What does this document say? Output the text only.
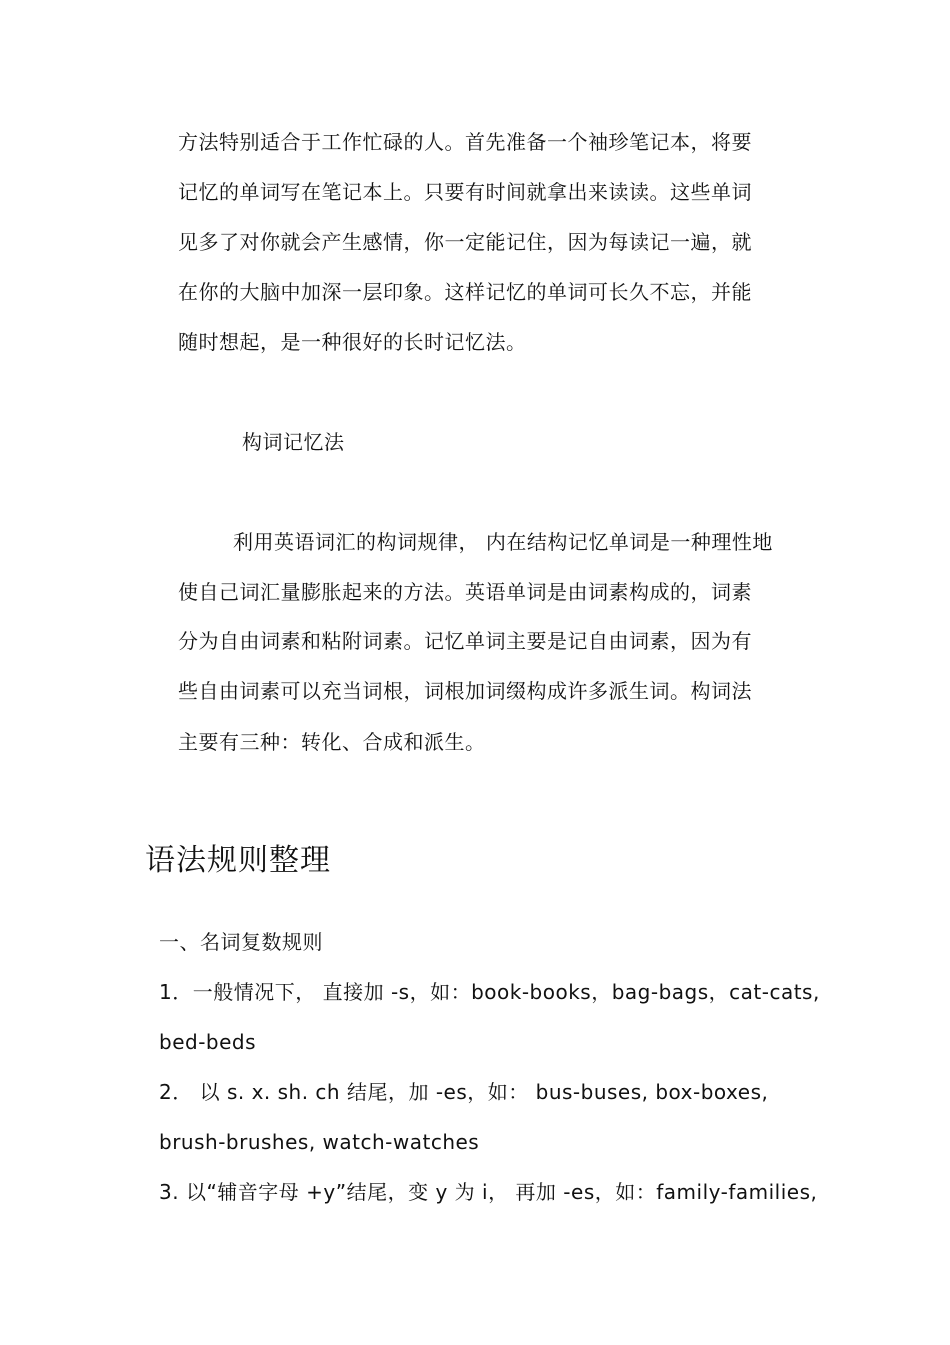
方法特别适合于工作忙碌的人。首先准备一个袖珍笔记本，将要
记忆的单词写在笔记本上。只要有时间就拿出来读读。这些单词
见多了对你就会产生感情，你一定能记住，因为每读记一遍，就
在你的大脑中加深一层印象。这样记忆的单词可长久不忘，并能
随时想起，是一种很好的长时记忆法。
构词记忆法
利用英语词汇的构词规律， 内在结构记忆单词是一种理性地
使自己词汇量膨胀起来的方法。英语单词是由词素构成的，词素
分为自由词素和粘附词素。记忆单词主要是记自由词素，因为有
些自由词素可以充当词根，词根加词缀构成许多派生词。构词法
主要有三种：转化、合成和派生。
语法规则整理
一、名词复数规则
1．一般情况下， 直接加 -s，如：book-books，bag-bags，cat-cats,
bed-beds
2． 以 s. x. sh. ch 结尾，加 -es，如： bus-buses, box-boxes,
brush-brushes, watch-watches
3. 以“辅音字母 +y”结尾，变 y 为 i， 再加 -es，如：family-families,
